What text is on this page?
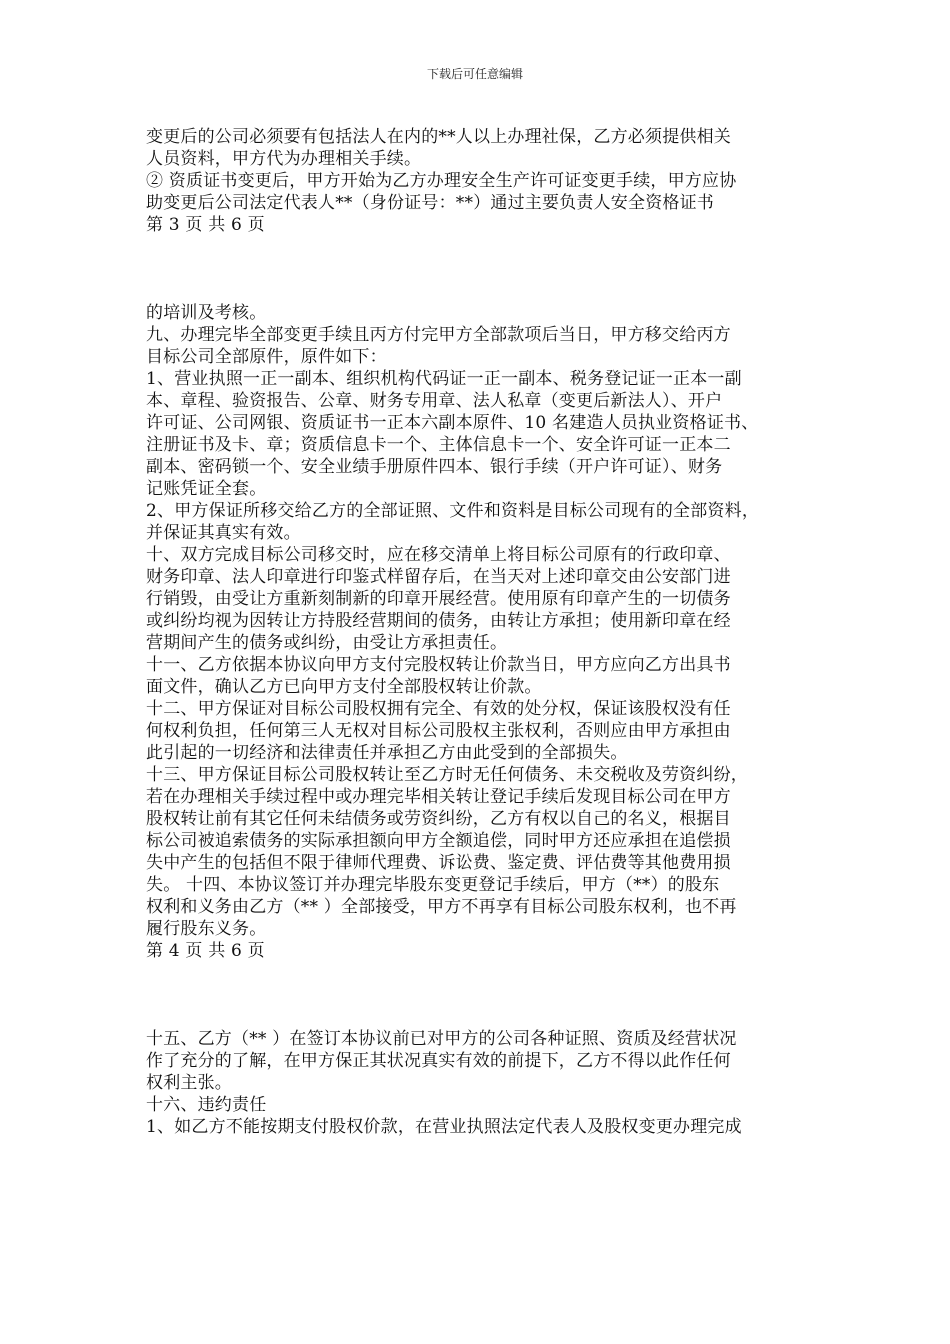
下载后可任意编辑

变更后的公司必须要有包括法人在内的**人以上办理社保，乙方必须提供相关

人员资料，甲方代为办理相关手续。

② 资质证书变更后，甲方开始为乙方办理安全生产许可证变更手续，甲方应协

助变更后公司法定代表人**（身份证号：**）通过主要负责人安全资格证书

第 3 页 共 6 页

的培训及考核。

九、办理完毕全部变更手续且丙方付完甲方全部款项后当日，甲方移交给丙方

目标公司全部原件，原件如下：

1、营业执照一正一副本、组织机构代码证一正一副本、税务登记证一正本一副

本、章程、验资报告、公章、财务专用章、法人私章（变更后新法人）、开户

许可证、公司网银、资质证书一正本六副本原件、10 名建造人员执业资格证书、

注册证书及卡、章；资质信息卡一个、主体信息卡一个、安全许可证一正本二

副本、密码锁一个、安全业绩手册原件四本、银行手续（开户许可证）、财务

记账凭证全套。

2、甲方保证所移交给乙方的全部证照、文件和资料是目标公司现有的全部资料，

并保证其真实有效。

十、双方完成目标公司移交时，应在移交清单上将目标公司原有的行政印章、

财务印章、法人印章进行印鉴式样留存后，在当天对上述印章交由公安部门进

行销毁，由受让方重新刻制新的印章开展经营。使用原有印章产生的一切债务

或纠纷均视为因转让方持股经营期间的债务，由转让方承担；使用新印章在经

营期间产生的债务或纠纷，由受让方承担责任。

十一、乙方依据本协议向甲方支付完股权转让价款当日，甲方应向乙方出具书

面文件，确认乙方已向甲方支付全部股权转让价款。

十二、甲方保证对目标公司股权拥有完全、有效的处分权，保证该股权没有任

何权利负担，任何第三人无权对目标公司股权主张权利，否则应由甲方承担由

此引起的一切经济和法律责任并承担乙方由此受到的全部损失。

十三、甲方保证目标公司股权转让至乙方时无任何债务、未交税收及劳资纠纷，

若在办理相关手续过程中或办理完毕相关转让登记手续后发现目标公司在甲方

股权转让前有其它任何未结债务或劳资纠纷，乙方有权以自己的名义，根据目

标公司被追索债务的实际承担额向甲方全额追偿，同时甲方还应承担在追偿损

失中产生的包括但不限于律师代理费、诉讼费、鉴定费、评估费等其他费用损

失。 十四、本协议签订并办理完毕股东变更登记手续后，甲方（**）的股东

权利和义务由乙方（** ）全部接受，甲方不再享有目标公司股东权利，也不再

履行股东义务。

第 4 页 共 6 页

十五、乙方（** ）在签订本协议前已对甲方的公司各种证照、资质及经营状况

作了充分的了解，在甲方保正其状况真实有效的前提下，乙方不得以此作任何

权利主张。

十六、违约责任

1、如乙方不能按期支付股权价款，在营业执照法定代表人及股权变更办理完成
